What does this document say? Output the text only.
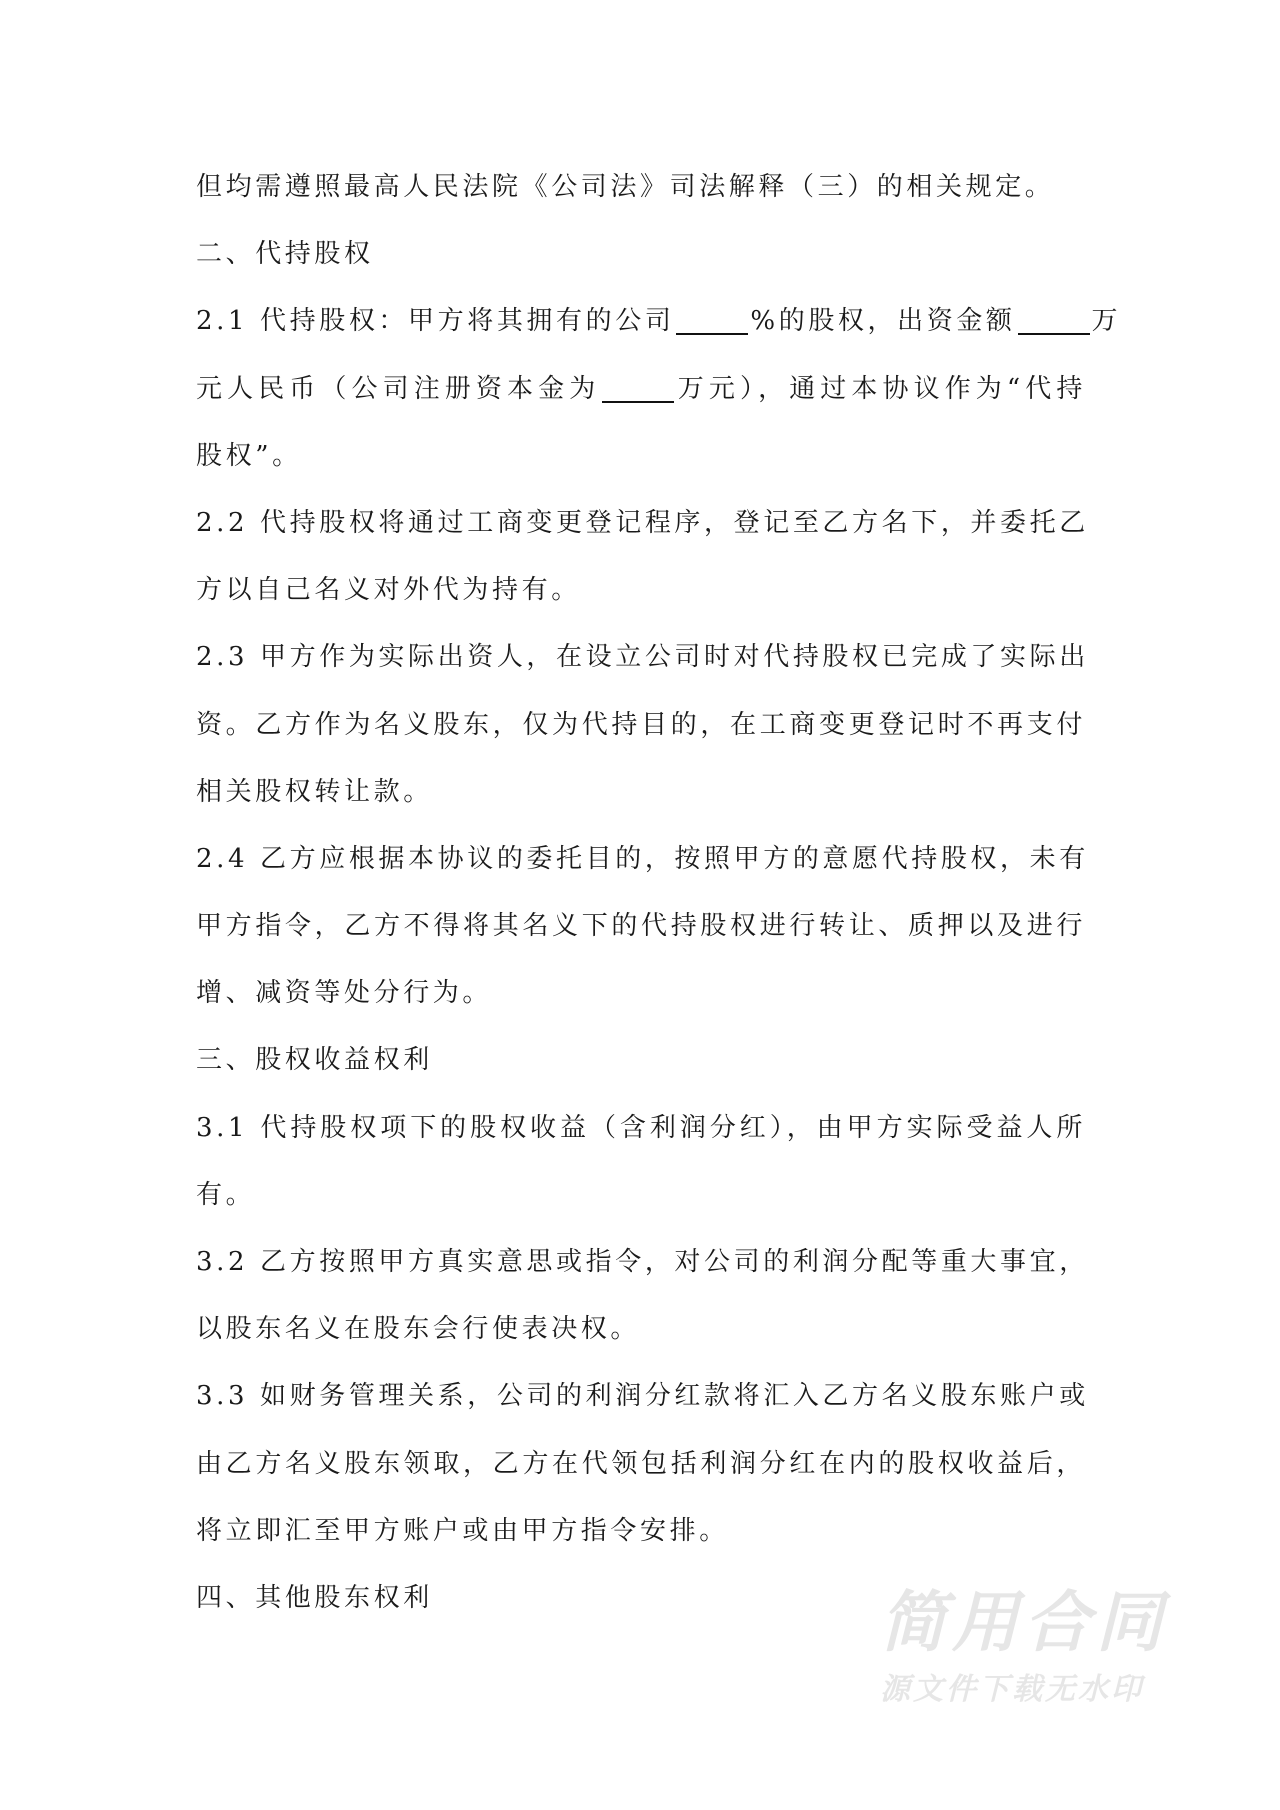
但均需遵照最高人民法院《公司法》司法解释（三）的相关规定。
二、代持股权
2.1 代持股权：甲方将其拥有的公司	%的股权，出资金额	万
元人民币（公司注册资本金为	万元），通过本协议作为“代持
股权”。
2.2 代持股权将通过工商变更登记程序，登记至乙方名下，并委托乙
方以自己名义对外代为持有。
2.3 甲方作为实际出资人，在设立公司时对代持股权已完成了实际出
资。乙方作为名义股东，仅为代持目的，在工商变更登记时不再支付
相关股权转让款。
2.4 乙方应根据本协议的委托目的，按照甲方的意愿代持股权，未有
甲方指令，乙方不得将其名义下的代持股权进行转让、质押以及进行
增、减资等处分行为。
三、股权收益权利
3.1 代持股权项下的股权收益（含利润分红），由甲方实际受益人所
有。
3.2 乙方按照甲方真实意思或指令，对公司的利润分配等重大事宜，
以股东名义在股东会行使表决权。
3.3 如财务管理关系，公司的利润分红款将汇入乙方名义股东账户或
由乙方名义股东领取，乙方在代领包括利润分红在内的股权收益后，
将立即汇至甲方账户或由甲方指令安排。
四、其他股东权利	简用合同
源文件下载无水印
